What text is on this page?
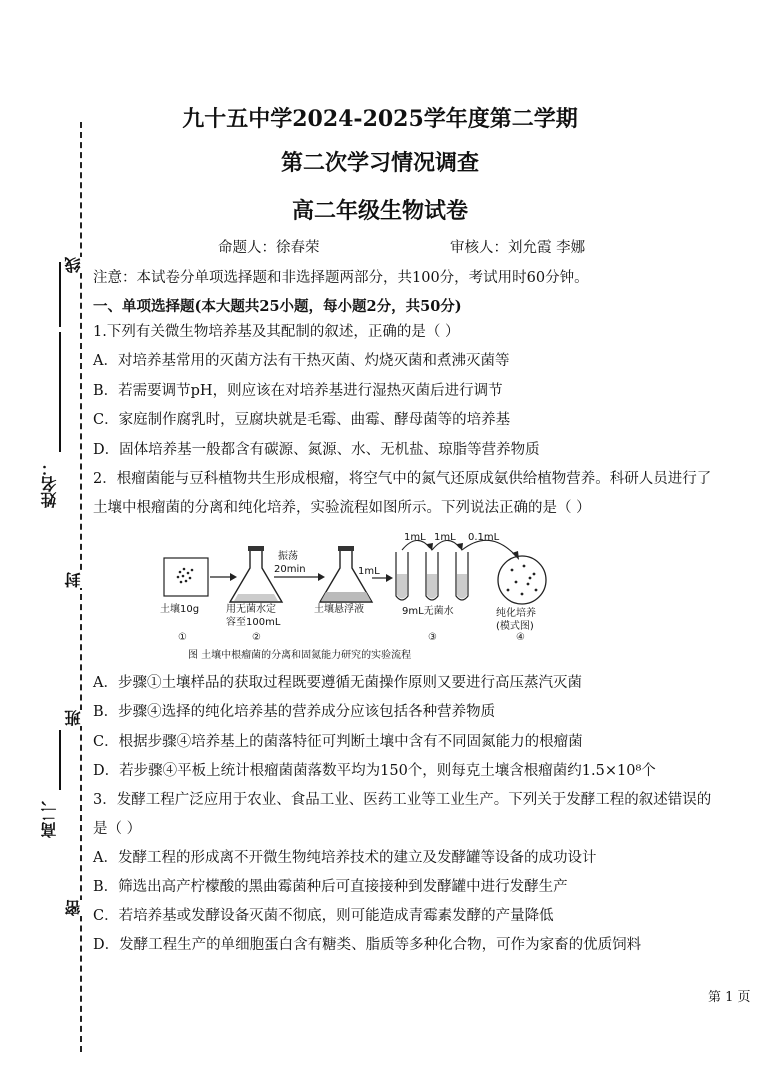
线
姓名：
封
班
高二、
密
九十五中学2024-2025学年度第二学期
第二次学习情况调查
高二年级生物试卷
命题人：徐春荣	审核人：刘允霞 李娜
注意：本试卷分单项选择题和非选择题两部分，共100分，考试用时60分钟。
一、单项选择题(本大题共25小题，每小题2分，共50分)
1.下列有关微生物培养基及其配制的叙述，正确的是（ ）
A．对培养基常用的灭菌方法有干热灭菌、灼烧灭菌和煮沸灭菌等
B．若需要调节pH，则应该在对培养基进行湿热灭菌后进行调节
C．家庭制作腐乳时，豆腐块就是毛霉、曲霉、酵母菌等的培养基
D．固体培养基一般都含有碳源、氮源、水、无机盐、琼脂等营养物质
2．根瘤菌能与豆科植物共生形成根瘤，将空气中的氮气还原成氨供给植物营养。科研人员进行了
土壤中根瘤菌的分离和纯化培养，实验流程如图所示。下列说法正确的是（ ）
土壤10g
①
用无菌水定
容至100mL
②
振荡
20min
土壤悬浮液
1mL
1mL 1mL
9mL无菌水
③
0.1mL
纯化培养
(模式图)
④
图 土壤中根瘤菌的分离和固氮能力研究的实验流程
A．步骤①土壤样品的获取过程既要遵循无菌操作原则又要进行高压蒸汽灭菌
B．步骤④选择的纯化培养基的营养成分应该包括各种营养物质
C．根据步骤④培养基上的菌落特征可判断土壤中含有不同固氮能力的根瘤菌
D．若步骤④平板上统计根瘤菌菌落数平均为150个，则每克土壤含根瘤菌约1.5×10⁸个
3．发酵工程广泛应用于农业、食品工业、医药工业等工业生产。下列关于发酵工程的叙述错误的
是（ ）
A．发酵工程的形成离不开微生物纯培养技术的建立及发酵罐等设备的成功设计
B．筛选出高产柠檬酸的黑曲霉菌种后可直接接种到发酵罐中进行发酵生产
C．若培养基或发酵设备灭菌不彻底，则可能造成青霉素发酵的产量降低
D．发酵工程生产的单细胞蛋白含有糖类、脂质等多种化合物，可作为家畜的优质饲料
第 1 页
